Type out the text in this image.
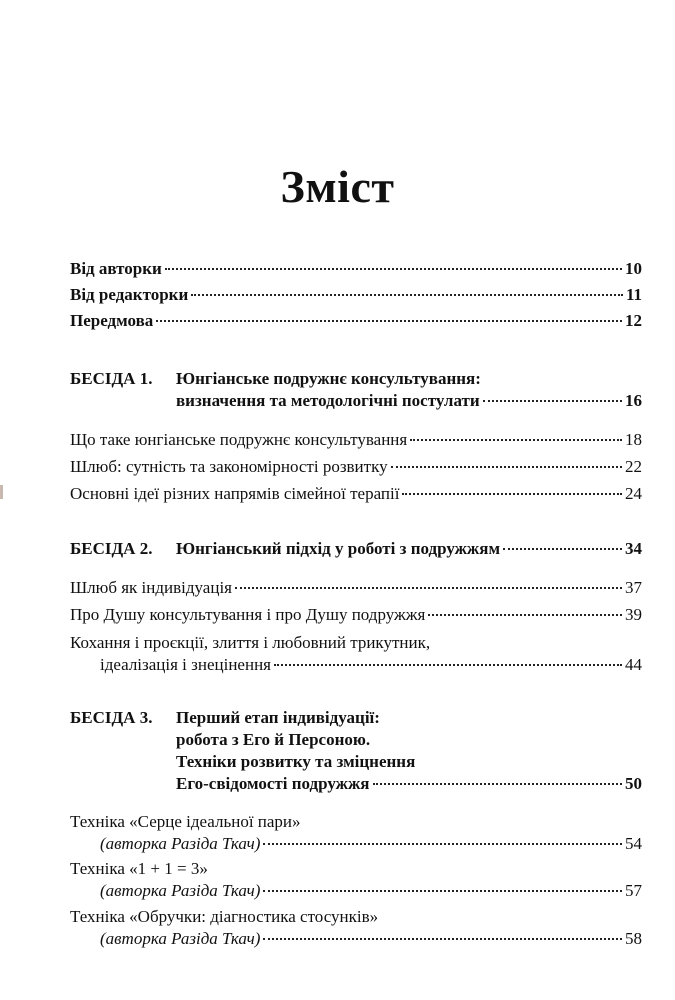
Зміст
Від авторки	10
Від редакторки	11
Передмова	12
БЕСІДА 1. Юнгіанське подружнє консультування:
визначення та методологічні постулати	16
Що таке юнгіанське подружнє консультування	18
Шлюб: сутність та закономірності розвитку	22
Основні ідеї різних напрямів сімейної терапії	24
БЕСІДА 2.	Юнгіанський підхід у роботі з подружжям	34
Шлюб як індивідуація	37
Про Душу консультування і про Душу подружжя	39
Кохання і проєкції, злиття і любовний трикутник,
ідеалізація і знецінення	44
БЕСІДА 3. Перший етап індивідуації:
робота з Его й Персоною.
Техніки розвитку та зміцнення
Его-свідомості подружжя	50
Техніка «Серце ідеальної пари»
(авторка Разіда Ткач)	54
Техніка «1 + 1 = 3»
(авторка Разіда Ткач)	57
Техніка «Обручки: діагностика стосунків»
(авторка Разіда Ткач)	58
